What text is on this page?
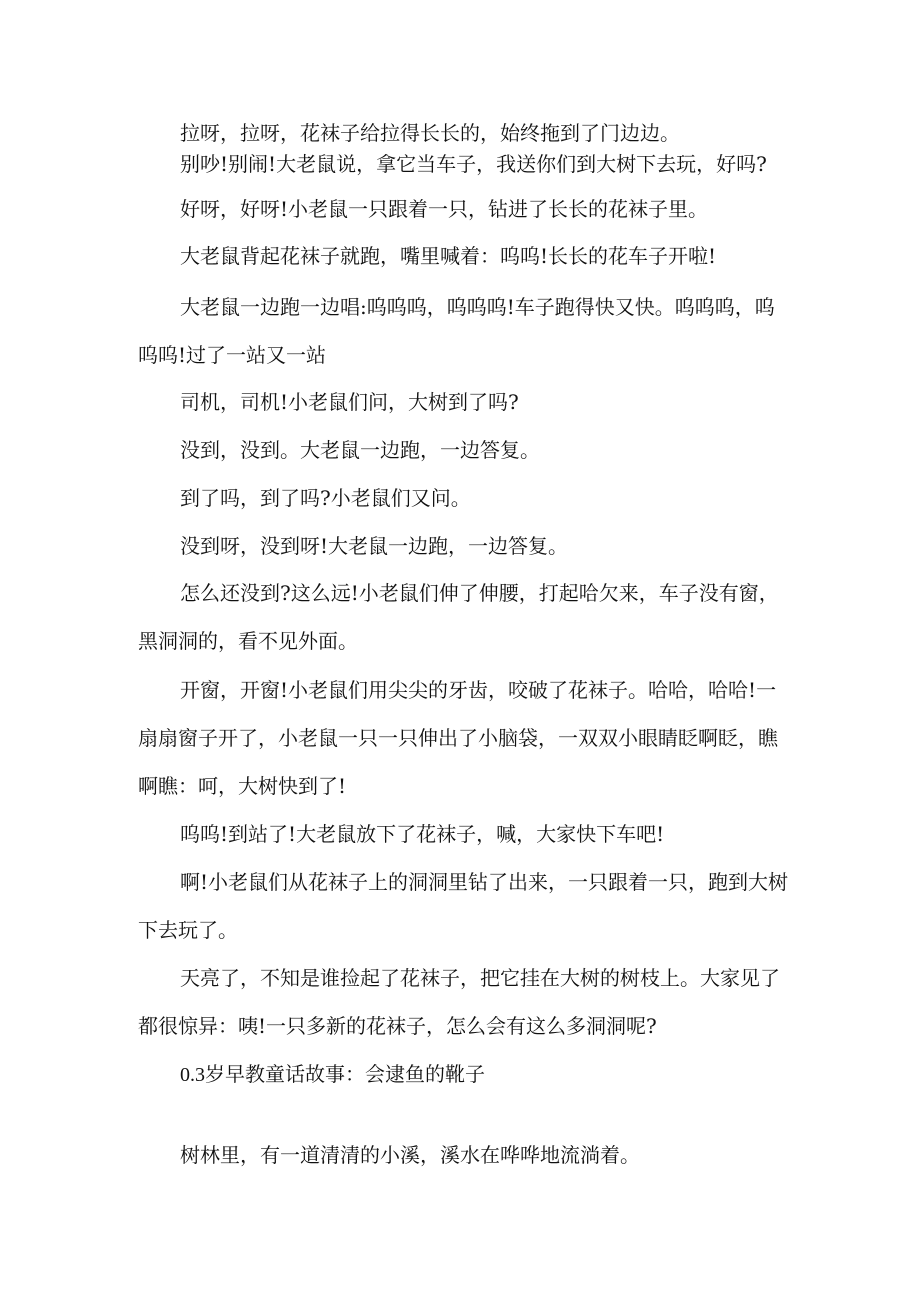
拉呀，拉呀，花袜子给拉得长长的，始终拖到了门边边。

别吵!别闹!大老鼠说，拿它当车子，我送你们到大树下去玩，好吗?

好呀，好呀!小老鼠一只跟着一只，钻进了长长的花袜子里。

大老鼠背起花袜子就跑，嘴里喊着：呜呜!长长的花车子开啦!

大老鼠一边跑一边唱:呜呜呜，呜呜呜!车子跑得快又快。呜呜呜，呜

呜呜!过了一站又一站

司机，司机!小老鼠们问，大树到了吗?

没到，没到。大老鼠一边跑，一边答复。

到了吗，到了吗?小老鼠们又问。

没到呀，没到呀!大老鼠一边跑，一边答复。

怎么还没到?这么远!小老鼠们伸了伸腰，打起哈欠来，车子没有窗，

黑洞洞的，看不见外面。

开窗，开窗!小老鼠们用尖尖的牙齿，咬破了花袜子。哈哈，哈哈!一

扇扇窗子开了，小老鼠一只一只伸出了小脑袋，一双双小眼睛眨啊眨，瞧

啊瞧：呵，大树快到了!

呜呜!到站了!大老鼠放下了花袜子，喊，大家快下车吧!

啊!小老鼠们从花袜子上的洞洞里钻了出来，一只跟着一只，跑到大树

下去玩了。

天亮了，不知是谁捡起了花袜子，把它挂在大树的树枝上。大家见了

都很惊异：咦!一只多新的花袜子，怎么会有这么多洞洞呢?

0.3岁早教童话故事：会逮鱼的靴子

树林里，有一道清清的小溪，溪水在哗哗地流淌着。
